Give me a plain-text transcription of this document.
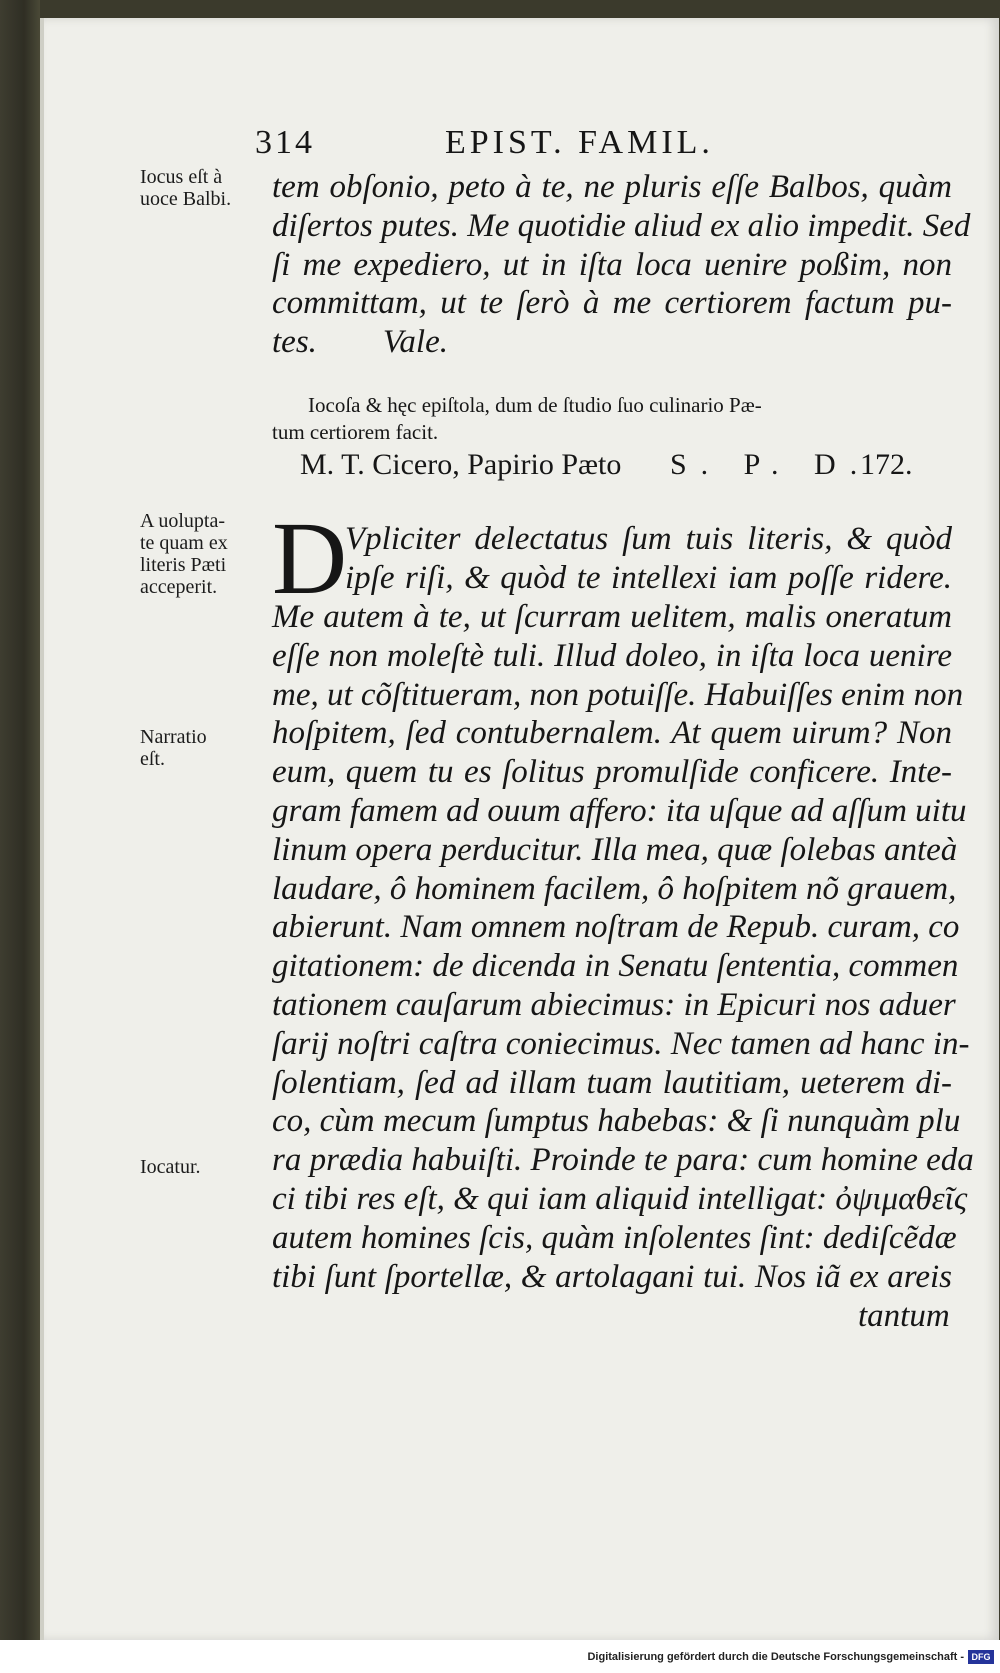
314	EPIST. FAMIL.
Iocus eſt à
uoce Balbi.
A uolupta-
te quam ex
literis Pæti
acceperit.
Narratio
eſt.
Iocatur.
tem obſonio, peto à te, ne pluris eſſe Balbos, quàm
diſertos putes. Me quotidie aliud ex alio impedit. Sed
ſi me expediero, ut in iſta loca uenire poßim, non
committam, ut te ſerò à me certiorem factum pu-
tes.        Vale.
Iocoſa & hęc epiſtola, dum de ſtudio ſuo culinario Pæ-
tum certiorem facit.
M. T. Cicero, Papirio Pæto S. P. D.
172.
D
Vpliciter delectatus ſum tuis literis, & quòd
ipſe riſi, & quòd te intellexi iam poſſe ridere.
Me autem à te, ut ſcurram uelitem, malis oneratum
eſſe non moleſtè tuli. Illud doleo, in iſta loca uenire
me, ut cõſtitueram, non potuiſſe. Habuiſſes enim non
hoſpitem, ſed contubernalem. At quem uirum? Non
eum, quem tu es ſolitus promulſide conficere. Inte-
gram famem ad ouum affero: ita uſque ad aſſum uitu
linum opera perducitur. Illa mea, quæ ſolebas anteà
laudare, ô hominem facilem, ô hoſpitem nõ grauem,
abierunt. Nam omnem noſtram de Repub. curam, co
gitationem: de dicenda in Senatu ſententia, commen
tationem cauſarum abiecimus: in Epicuri nos aduer
ſarij noſtri caſtra coniecimus. Nec tamen ad hanc in-
ſolentiam, ſed ad illam tuam lautitiam, ueterem di-
co, cùm mecum ſumptus habebas: & ſi nunquàm plu
ra prædia habuiſti. Proinde te para: cum homine eda
ci tibi res eſt, & qui iam aliquid intelligat: ὀψιμαθεῖς
autem homines ſcis, quàm inſolentes ſint: dediſcẽdæ
tibi ſunt ſportellæ, & artolagani tui. Nos iã ex areis
tantum
Digitalisierung gefördert durch die Deutsche Forschungsgemeinschaft - DFG
